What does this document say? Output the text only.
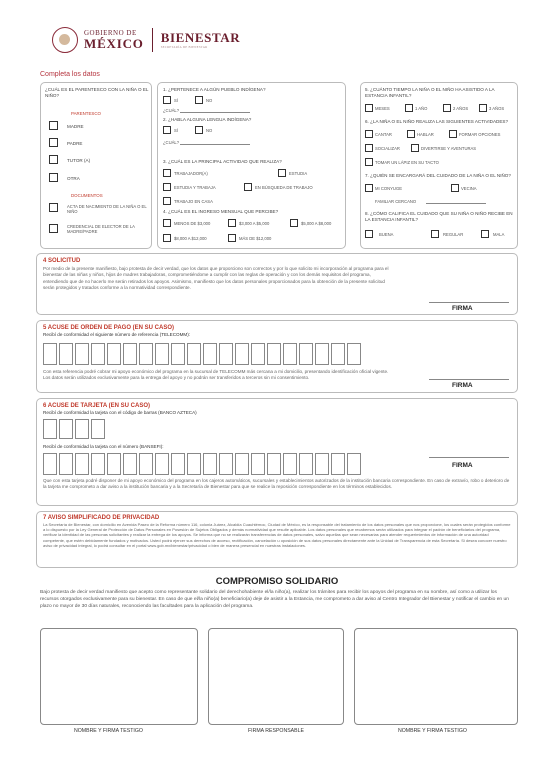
GOBIERNO DE
MÉXICO BIENESTAR
SECRETARÍA DE BIENESTAR
Completa los datos
¿CUÁL ES EL PARENTESCO CON LA NIÑA O EL NIÑO?
PARENTESCO
MADRE
PADRE
TUTOR (A)
OTRA
DOCUMENTOS
ACTA DE NACIMIENTO DE LA NIÑA O EL NIÑO
CREDENCIAL DE ELECTOR DE LA MADRE/PADRE
1. ¿PERTENECE A ALGÚN PUEBLO INDÍGENA?
SÍ	NO
¿CUÁL?
2. ¿HABLA ALGUNA LENGUA INDÍGENA?
SÍ	NO
¿CUÁL?
3. ¿CUÁL ES LA PRINCIPAL ACTIVIDAD QUE REALIZA?
TRABAJADOR(A)	ESTUDIA
ESTUDIA Y TRABAJA	EN BÚSQUEDA DE TRABAJO
TRABAJO EN CASA
4. ¿CUÁL ES EL INGRESO MENSUAL QUE PERCIBE?
MENOS DE $3,000	$3,000 A $5,000	$5,000 A $8,000
$8,000 A $12,000	MÁS DE $12,000
5. ¿CUÁNTO TIEMPO LA NIÑA O EL NIÑO HA ASISTIDO A LA ESTANCIA INFANTIL?
MESES	1 AÑO	2 AÑOS	3 AÑOS
6. ¿LA NIÑA O EL NIÑO REALIZA LAS SIGUIENTES ACTIVIDADES?
CANTAR	HABLAR	FORMAR OPCIONES
SOCIALIZAR	DIVERTIRSE Y AVENTURAS
TOMAR UN LÁPIZ EN SU TACTO
7. ¿QUIÉN SE ENCARGARÁ DEL CUIDADO DE LA NIÑA O EL NIÑO?
MI CONYUGE	VECINA
FAMILIAR CERCANO
8. ¿CÓMO CALIFICA EL CUIDADO QUE SU NIÑA O NIÑO RECIBE EN LA ESTANCIA INFANTIL?
BUENA	REGULAR	MALA
4 SOLICITUD
Por medio de la presente manifiesto, bajo protesta de decir verdad, que los datos que proporciono son correctos y por lo que solicito mi incorporación al programa para el bienestar de las niñas y niños, hijos de madres trabajadoras, comprometiéndome a cumplir con las reglas de operación y con los demás requisitos del programa, entendiendo que de no hacerlo me serán retirados los apoyos. Asimismo, manifiesto que los datos personales proporcionados para la obtención de la presente solicitud serán protegidos y tratados conforme a la normatividad correspondiente.
FIRMA
5 ACUSE DE ORDEN DE PAGO (EN SU CASO)
Recibí de conformidad el siguiente número de referencia (TELECOMM):
Con esta referencia podré cobrar mi apoyo económico del programa en la sucursal de TELECOMM más cercana a mi domicilio, presentando identificación oficial vigente. Los datos serán utilizados exclusivamente para la entrega del apoyo y no podrán ser transferidos a terceros sin mi consentimiento.
FIRMA
6 ACUSE DE TARJETA (EN SU CASO)
Recibí de conformidad la tarjeta con el código de barras (BANCO AZTECA)
Recibí de conformidad la tarjeta con el número (BANSEFI):
Que con esta tarjeta podré disponer de mi apoyo económico del programa en los cajeros automáticos, sucursales y establecimientos autorizados de la institución bancaria correspondiente. En caso de extravío, robo o deterioro de la tarjeta me comprometo a dar aviso a la institución bancaria y a la Secretaría de Bienestar para que se realice la reposición correspondiente en los términos establecidos.
FIRMA
7 AVISO SIMPLIFICADO DE PRIVACIDAD
La Secretaría de Bienestar, con domicilio en Avenida Paseo de la Reforma número 116, colonia Juárez, Alcaldía Cuauhtémoc, Ciudad de México, es la responsable del tratamiento de los datos personales que nos proporcione, los cuales serán protegidos conforme a lo dispuesto por la Ley General de Protección de Datos Personales en Posesión de Sujetos Obligados y demás normatividad que resulte aplicable. Los datos personales que recabemos serán utilizados para integrar el padrón de beneficiarios del programa, verificar la identidad de las personas solicitantes y realizar la entrega de los apoyos. Se informa que no se realizarán transferencias de datos personales, salvo aquellas que sean necesarias para atender requerimientos de información de una autoridad competente, que estén debidamente fundados y motivados. Usted podrá ejercer sus derechos de acceso, rectificación, cancelación u oposición de sus datos personales directamente ante la Unidad de Transparencia de esta Secretaría. Si desea conocer nuestro aviso de privacidad integral, lo podrá consultar en el portal www.gob.mx/bienestar/privacidad o bien de manera presencial en nuestras instalaciones.
COMPROMISO SOLIDARIO
Bajo protesta de decir verdad manifiesto que acepto como representante solidario del derechohabiente el/la niño(a), realizar los trámites para recibir los apoyos del programa en su nombre, así como a utilizar los recursos otorgados exclusivamente para su bienestar. En caso de que el/la niño(a) beneficiario(a) deje de asistir a la Estancia, me comprometo a dar aviso al Centro Integrador del Bienestar y notificar el cambio en un plazo no mayor de 30 días naturales, reconociendo las facultades para la aplicación del programa.
NOMBRE Y FIRMA TESTIGO	FIRMA RESPONSABLE	NOMBRE Y FIRMA TESTIGO
